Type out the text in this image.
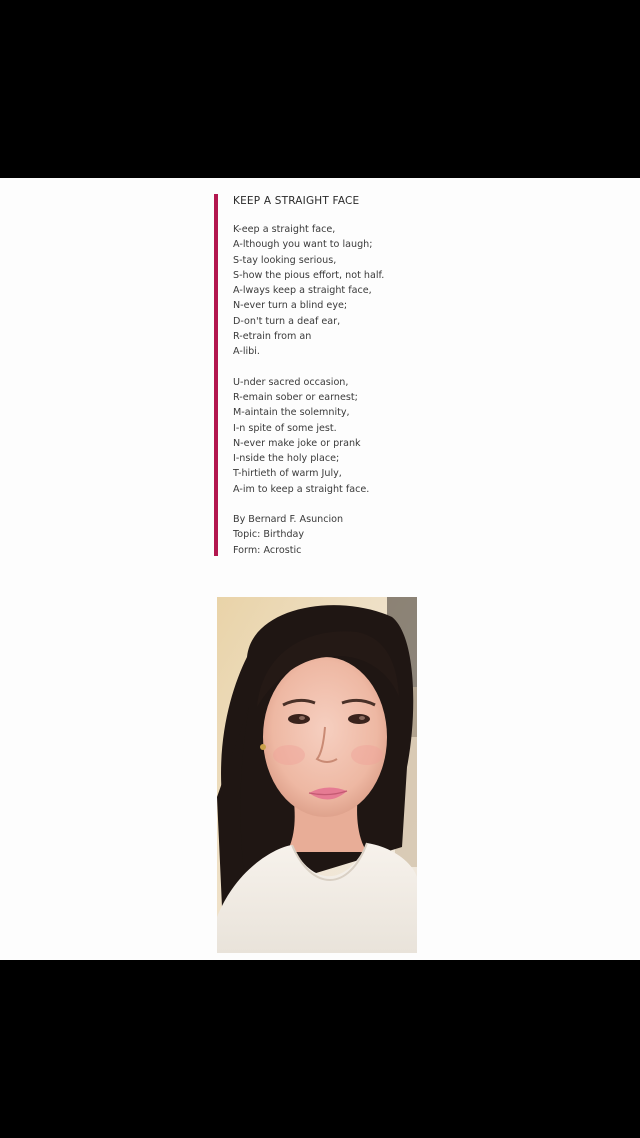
KEEP A STRAIGHT FACE
K-eep a straight face,
A-lthough you want to laugh;
S-tay looking serious,
S-how the pious effort, not half.
A-lways keep a straight face,
N-ever turn a blind eye;
D-on't turn a deaf ear,
R-etrain from an
A-libi.
U-nder sacred occasion,
R-emain sober or earnest;
M-aintain the solemnity,
I-n spite of some jest.
N-ever make joke or prank
I-nside the holy place;
T-hirtieth of warm July,
A-im to keep a straight face.
By Bernard F. Asuncion
Topic: Birthday
Form: Acrostic
